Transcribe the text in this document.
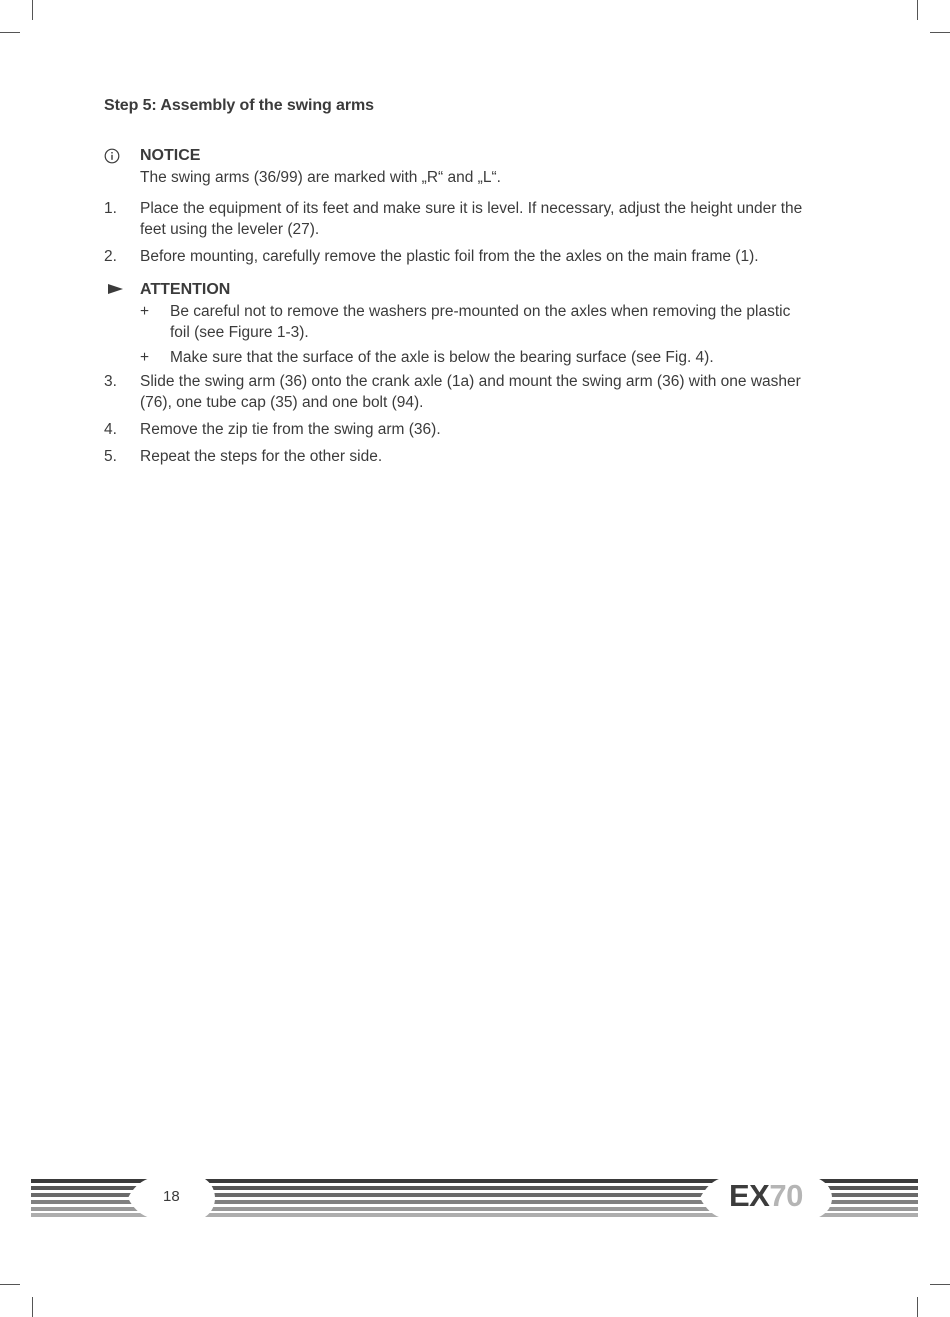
Step 5: Assembly of the swing arms
NOTICE
The swing arms (36/99) are marked with „R“ and „L“.
1. Place the equipment of its feet and make sure it is level. If necessary, adjust the height under the
feet using the leveler (27).
2. Before mounting, carefully remove the plastic foil from the the axles on the main frame (1).
ATTENTION
+ Be careful not to remove the washers pre-mounted on the axles when removing the plastic
foil (see Figure 1-3).
+ Make sure that the surface of the axle is below the bearing surface (see Fig. 4).
3. Slide the swing arm (36) onto the crank axle (1a) and mount the swing arm (36) with one washer
(76), one tube cap (35) and one bolt (94).
4. Remove the zip tie from the swing arm (36).
5. Repeat the steps for the other side.
18	EX70
